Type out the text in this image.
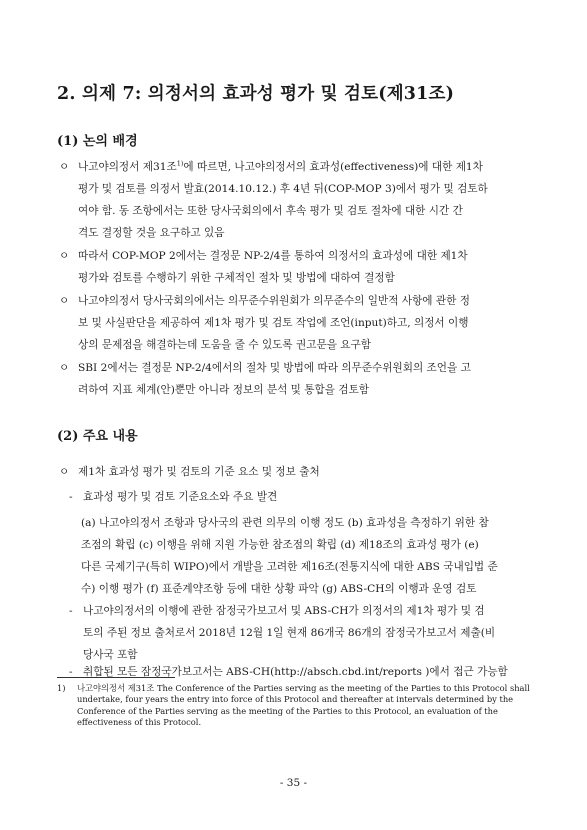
2. 의제 7: 의정서의 효과성 평가 및 검토(제31조)
(1) 논의 배경
ㅇ 나고야의정서 제31조$^{1)}$에 따르면, 나고야의정서의 효과성(effectiveness)에 대한 제1차
평가 및 검토를 의정서 발효(2014.10.12.) 후 4년 뒤(COP-MOP 3)에서 평가 및 검토하
여야 함. 동 조항에서는 또한 당사국회의에서 후속 평가 및 검토 절차에 대한 시간 간
격도 결정할 것을 요구하고 있음
ㅇ 따라서 COP-MOP 2에서는 결정문 NP-2/4를 통하여 의정서의 효과성에 대한 제1차
평가와 검토를 수행하기 위한 구체적인 절차 및 방법에 대하여 결정함
ㅇ 나고야의정서 당사국회의에서는 의무준수위원회가 의무준수의 일반적 사항에 관한 정
보 및 사실판단을 제공하여 제1차 평가 및 검토 작업에 조언(input)하고, 의정서 이행
상의 문제점을 해결하는데 도움을 줄 수 있도록 권고문을 요구함
ㅇ SBI 2에서는 결정문 NP-2/4에서의 절차 및 방법에 따라 의무준수위원회의 조언을 고
려하여 지표 체계(안)뿐만 아니라 정보의 분석 및 통합을 검토함
(2) 주요 내용
ㅇ 제1차 효과성 평가 및 검토의 기준 요소 및 정보 출처
- 효과성 평가 및 검토 기준요소와 주요 발견
(a) 나고야의정서 조항과 당사국의 관련 의무의 이행 정도 (b) 효과성을 측정하기 위한 참
조점의 확립 (c) 이행을 위해 지원 가능한 참조점의 확립 (d) 제18조의 효과성 평가 (e)
다른 국제기구(특히 WIPO)에서 개발을 고려한 제16조(전통지식에 대한 ABS 국내입법 준
수) 이행 평가 (f) 표준계약조항 등에 대한 상황 파악 (g) ABS-CH의 이행과 운영 검토
- 나고야의정서의 이행에 관한 잠정국가보고서 및 ABS-CH가 의정서의 제1차 평가 및 검
토의 주된 정보 출처로서 2018년 12월 1일 현재 86개국 86개의 잠정국가보고서 제출(비
당사국 포함
- 취합된 모든 잠정국가보고서는 ABS-CH(http://absch.cbd.int/reports )에서 접근 가능함
1) 나고야의정서 제31조 The Conference of the Parties serving as the meeting of the Parties to this Protocol shall
undertake, four years the entry into force of this Protocol and thereafter at intervals determined by the
Conference of the Parties serving as the meeting of the Parties to this Protocol, an evaluation of the
effectiveness of this Protocol.
- 35 -
